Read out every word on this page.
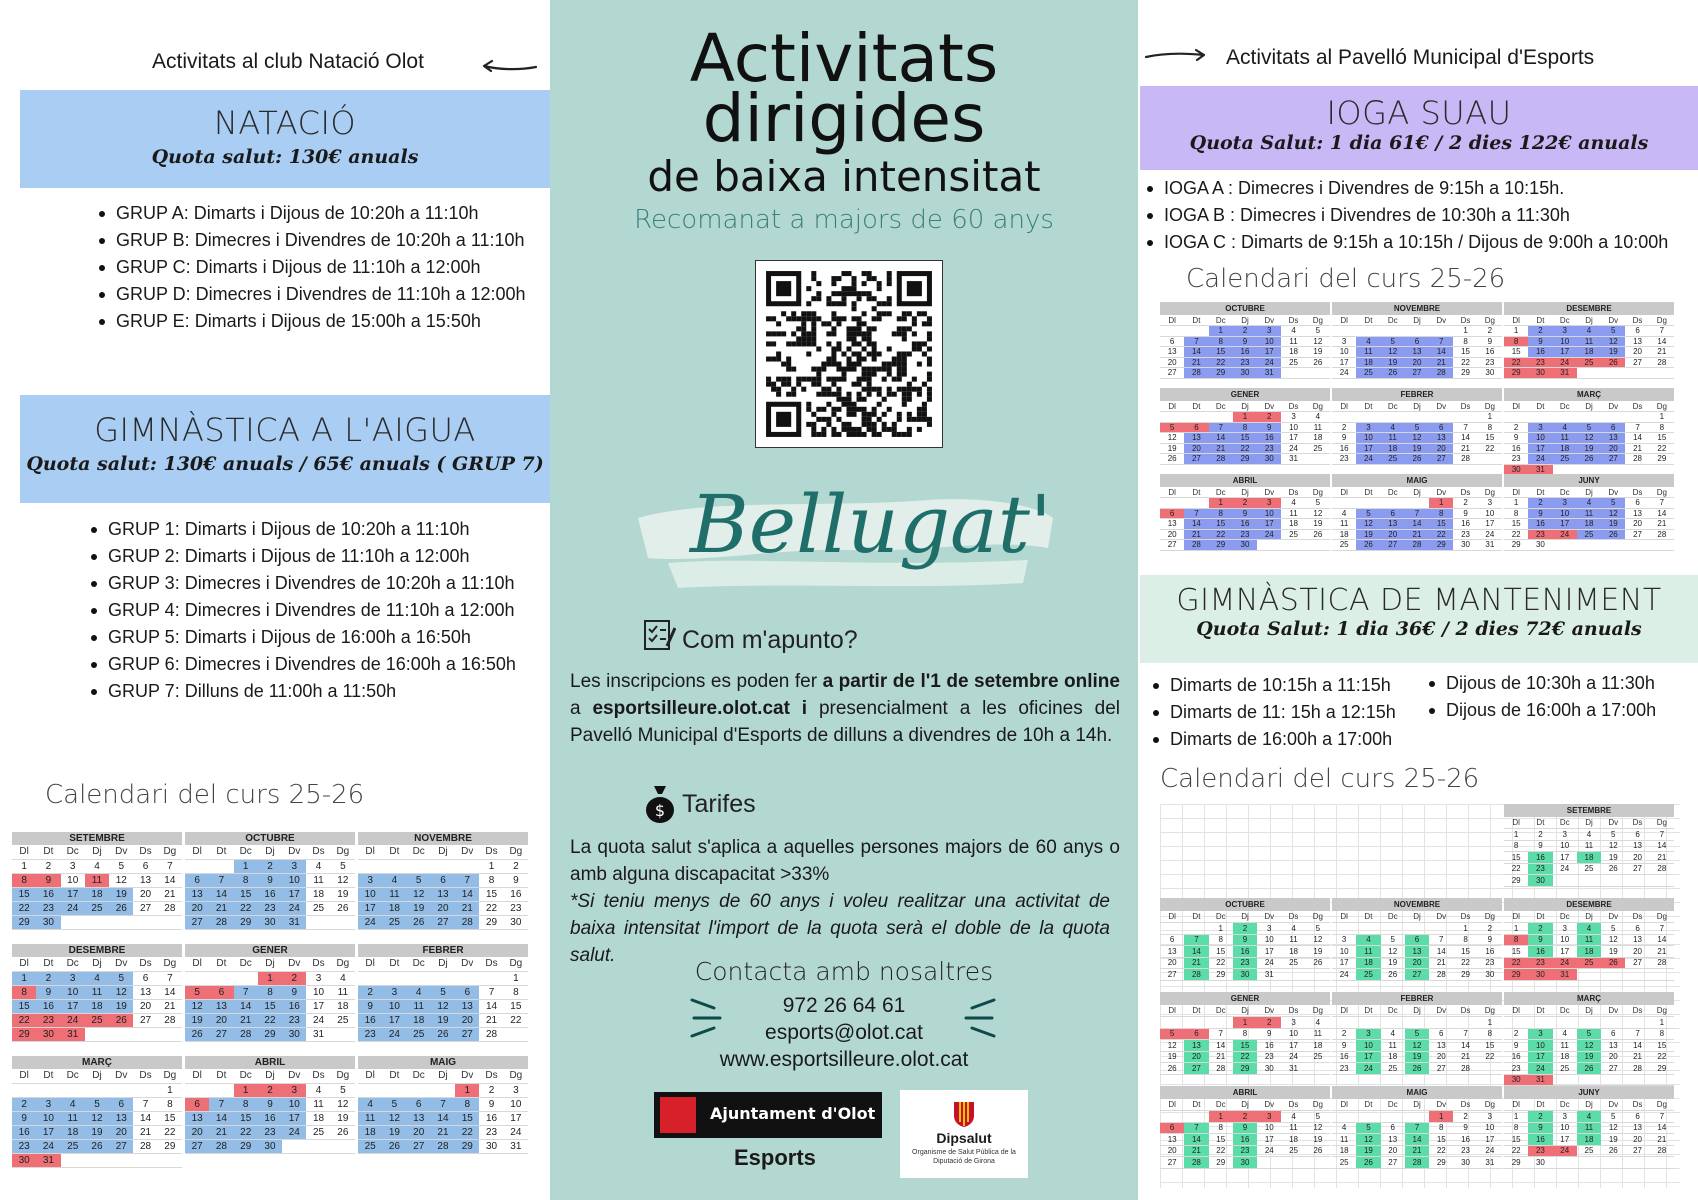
Activitats al club Natació Olot
NATACIÓ
Quota salut: 130€ anuals
GRUP A: Dimarts i Dijous de 10:20h a 11:10h
GRUP B: Dimecres i Divendres de 10:20h a 11:10h
GRUP C: Dimarts i Dijous de 11:10h a 12:00h
GRUP D: Dimecres i Divendres de 11:10h a 12:00h
GRUP E: Dimarts i Dijous de 15:00h a 15:50h
GIMNÀSTICA A L'AIGUA
Quota salut: 130€ anuals / 65€ anuals ( GRUP 7)
GRUP 1: Dimarts i Dijous de 10:20h a 11:10h
GRUP 2: Dimarts i Dijous de 11:10h a 12:00h
GRUP 3: Dimecres i Divendres de 10:20h a 11:10h
GRUP 4: Dimecres i Divendres de 11:10h a 12:00h
GRUP 5: Dimarts i Dijous de 16:00h a 16:50h
GRUP 6: Dimecres i Divendres de 16:00h a 16:50h
GRUP 7: Dilluns de 11:00h a 11:50h
Calendari del curs 25-26
SETEMBRE
Dl	Dt	Dc	Dj	Dv	Ds	Dg
1	2	3	4	5	6	7
8	9	10	11	12	13	14
15	16	17	18	19	20	21
22	23	24	25	26	27	28
29	30					
OCTUBRE
Dl	Dt	Dc	Dj	Dv	Ds	Dg
		1	2	3	4	5
6	7	8	9	10	11	12
13	14	15	16	17	18	19
20	21	22	23	24	25	26
27	28	29	30	31		
NOVEMBRE
Dl	Dt	Dc	Dj	Dv	Ds	Dg
					1	2
3	4	5	6	7	8	9
10	11	12	13	14	15	16
17	18	19	20	21	22	23
24	25	26	27	28	29	30
DESEMBRE
Dl	Dt	Dc	Dj	Dv	Ds	Dg
1	2	3	4	5	6	7
8	9	10	11	12	13	14
15	16	17	18	19	20	21
22	23	24	25	26	27	28
29	30	31				
GENER
Dl	Dt	Dc	Dj	Dv	Ds	Dg
			1	2	3	4
5	6	7	8	9	10	11
12	13	14	15	16	17	18
19	20	21	22	23	24	25
26	27	28	29	30	31	
FEBRER
Dl	Dt	Dc	Dj	Dv	Ds	Dg
						1
2	3	4	5	6	7	8
9	10	11	12	13	14	15
16	17	18	19	20	21	22
23	24	25	26	27	28	
MARÇ
Dl	Dt	Dc	Dj	Dv	Ds	Dg
						1
2	3	4	5	6	7	8
9	10	11	12	13	14	15
16	17	18	19	20	21	22
23	24	25	26	27	28	29
30	31					
ABRIL
Dl	Dt	Dc	Dj	Dv	Ds	Dg
		1	2	3	4	5
6	7	8	9	10	11	12
13	14	15	16	17	18	19
20	21	22	23	24	25	26
27	28	29	30			
MAIG
Dl	Dt	Dc	Dj	Dv	Ds	Dg
				1	2	3
4	5	6	7	8	9	10
11	12	13	14	15	16	17
18	19	20	21	22	23	24
25	26	27	28	29	30	31
Activitats
dirigides
de baixa intensitat
Recomanat a majors de 60 anys
Bellugat'
Com m'apunto?
Les inscripcions es poden fer a partir de l'1 de setembre online a esportsilleure.olot.cat i presencialment a les oficines del Pavelló Municipal d'Esports de dilluns a divendres de 10h a 14h.
$ Tarifes
La quota salut s'aplica a aquelles persones majors de 60 anys o amb alguna discapacitat >33%
*Si teniu menys de 60 anys i voleu realitzar una activitat de baixa intensitat l'import de la quota serà el doble de la quota salut.
Contacta amb nosaltres
972 26 64 61
esports@olot.cat
www.esportsilleure.olot.cat
Ajuntament d'Olot
Esports
Dipsalut
Organisme de Salut Pública de la Diputació de Girona
Activitats al Pavelló Municipal d'Esports
IOGA SUAU
Quota Salut: 1 dia 61€ / 2 dies 122€ anuals
IOGA A : Dimecres i Divendres de 9:15h a 10:15h.
IOGA B : Dimecres i Divendres de 10:30h a 11:30h
IOGA C : Dimarts de 9:15h a 10:15h / Dijous de 9:00h a 10:00h
Calendari del curs 25-26
OCTUBRE
Dl	Dt	Dc	Dj	Dv	Ds	Dg
		1	2	3	4	5
6	7	8	9	10	11	12
13	14	15	16	17	18	19
20	21	22	23	24	25	26
27	28	29	30	31		
NOVEMBRE
Dl	Dt	Dc	Dj	Dv	Ds	Dg
					1	2
3	4	5	6	7	8	9
10	11	12	13	14	15	16
17	18	19	20	21	22	23
24	25	26	27	28	29	30
DESEMBRE
Dl	Dt	Dc	Dj	Dv	Ds	Dg
1	2	3	4	5	6	7
8	9	10	11	12	13	14
15	16	17	18	19	20	21
22	23	24	25	26	27	28
29	30	31				
GENER
Dl	Dt	Dc	Dj	Dv	Ds	Dg
			1	2	3	4
5	6	7	8	9	10	11
12	13	14	15	16	17	18
19	20	21	22	23	24	25
26	27	28	29	30	31	
FEBRER
Dl	Dt	Dc	Dj	Dv	Ds	Dg
						1
2	3	4	5	6	7	8
9	10	11	12	13	14	15
16	17	18	19	20	21	22
23	24	25	26	27	28	
MARÇ
Dl	Dt	Dc	Dj	Dv	Ds	Dg
						1
2	3	4	5	6	7	8
9	10	11	12	13	14	15
16	17	18	19	20	21	22
23	24	25	26	27	28	29
30	31					
ABRIL
Dl	Dt	Dc	Dj	Dv	Ds	Dg
		1	2	3	4	5
6	7	8	9	10	11	12
13	14	15	16	17	18	19
20	21	22	23	24	25	26
27	28	29	30			
MAIG
Dl	Dt	Dc	Dj	Dv	Ds	Dg
				1	2	3
4	5	6	7	8	9	10
11	12	13	14	15	16	17
18	19	20	21	22	23	24
25	26	27	28	29	30	31
JUNY
Dl	Dt	Dc	Dj	Dv	Ds	Dg
1	2	3	4	5	6	7
8	9	10	11	12	13	14
15	16	17	18	19	20	21
22	23	24	25	26	27	28
29	30					
GIMNÀSTICA DE MANTENIMENT
Quota Salut: 1 dia 36€ / 2 dies 72€ anuals
Dimarts de 10:15h a 11:15h
Dimarts de 11: 15h a 12:15h
Dimarts de 16:00h a 17:00h
Dijous de 10:30h a 11:30h
Dijous de 16:00h a 17:00h
Calendari del curs 25-26
SETEMBRE
Dl	Dt	Dc	Dj	Dv	Ds	Dg
1	2	3	4	5	6	7
8	9	10	11	12	13	14
15	16	17	18	19	20	21
22	23	24	25	26	27	28
29	30					
OCTUBRE
Dl	Dt	Dc	Dj	Dv	Ds	Dg
		1	2	3	4	5
6	7	8	9	10	11	12
13	14	15	16	17	18	19
20	21	22	23	24	25	26
27	28	29	30	31		
NOVEMBRE
Dl	Dt	Dc	Dj	Dv	Ds	Dg
					1	2
3	4	5	6	7	8	9
10	11	12	13	14	15	16
17	18	19	20	21	22	23
24	25	26	27	28	29	30
DESEMBRE
Dl	Dt	Dc	Dj	Dv	Ds	Dg
1	2	3	4	5	6	7
8	9	10	11	12	13	14
15	16	17	18	19	20	21
22	23	24	25	26	27	28
29	30	31				
GENER
Dl	Dt	Dc	Dj	Dv	Ds	Dg
			1	2	3	4
5	6	7	8	9	10	11
12	13	14	15	16	17	18
19	20	21	22	23	24	25
26	27	28	29	30	31	
FEBRER
Dl	Dt	Dc	Dj	Dv	Ds	Dg
						1
2	3	4	5	6	7	8
9	10	11	12	13	14	15
16	17	18	19	20	21	22
23	24	25	26	27	28	
MARÇ
Dl	Dt	Dc	Dj	Dv	Ds	Dg
						1
2	3	4	5	6	7	8
9	10	11	12	13	14	15
16	17	18	19	20	21	22
23	24	25	26	27	28	29
30	31					
ABRIL
Dl	Dt	Dc	Dj	Dv	Ds	Dg
		1	2	3	4	5
6	7	8	9	10	11	12
13	14	15	16	17	18	19
20	21	22	23	24	25	26
27	28	29	30			
MAIG
Dl	Dt	Dc	Dj	Dv	Ds	Dg
				1	2	3
4	5	6	7	8	9	10
11	12	13	14	15	16	17
18	19	20	21	22	23	24
25	26	27	28	29	30	31
JUNY
Dl	Dt	Dc	Dj	Dv	Ds	Dg
1	2	3	4	5	6	7
8	9	10	11	12	13	14
15	16	17	18	19	20	21
22	23	24	25	26	27	28
29	30					
